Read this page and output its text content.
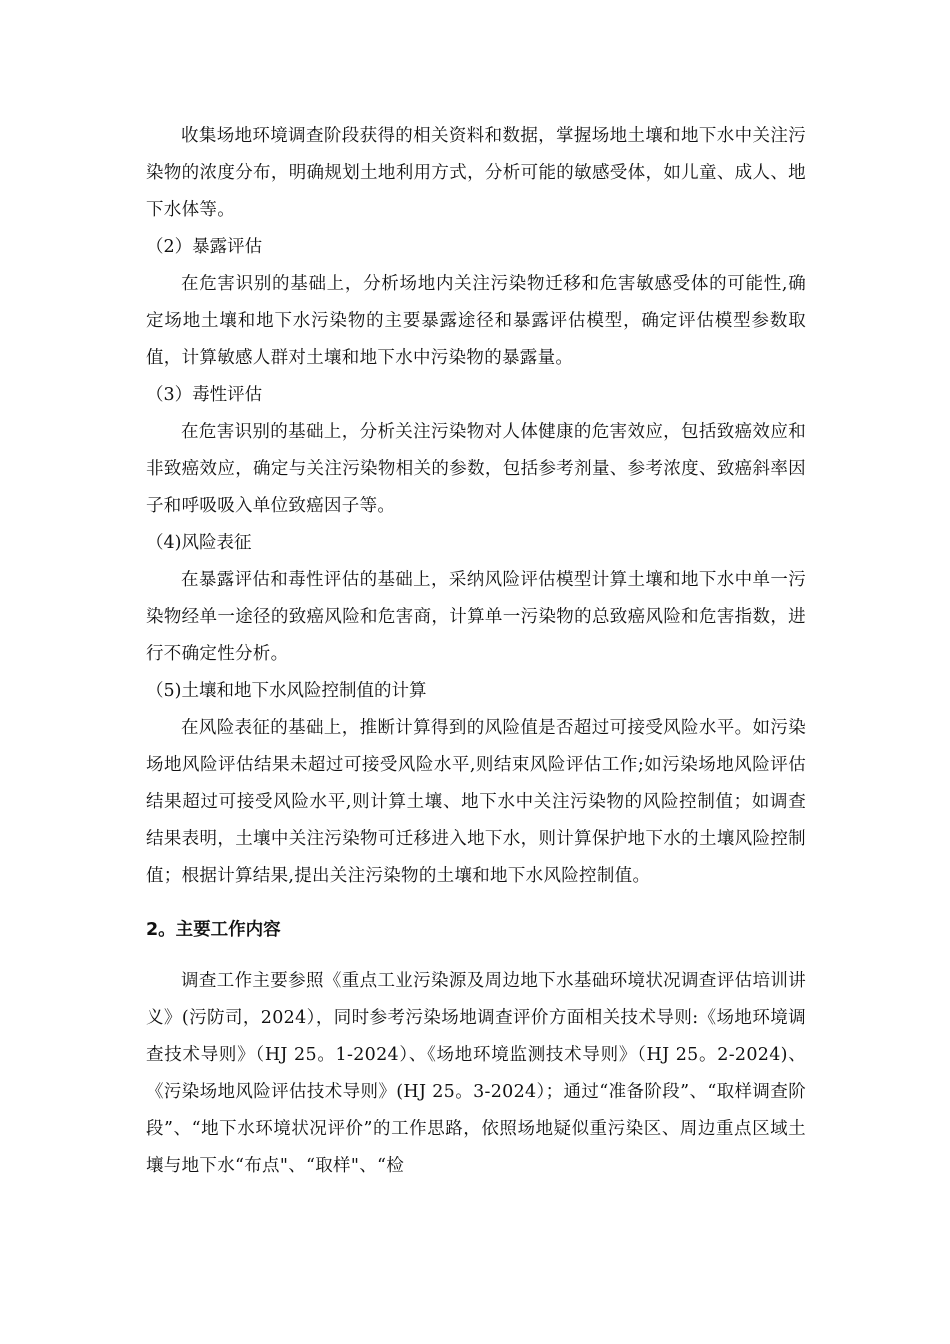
收集场地环境调查阶段获得的相关资料和数据，掌握场地土壤和地下水中关注污染物的浓度分布，明确规划土地利用方式，分析可能的敏感受体，如儿童、成人、地下水体等。

（2）暴露评估

在危害识别的基础上，分析场地内关注污染物迁移和危害敏感受体的可能性,确定场地土壤和地下水污染物的主要暴露途径和暴露评估模型，确定评估模型参数取值，计算敏感人群对土壤和地下水中污染物的暴露量。

（3）毒性评估

在危害识别的基础上，分析关注污染物对人体健康的危害效应，包括致癌效应和非致癌效应，确定与关注污染物相关的参数，包括参考剂量、参考浓度、致癌斜率因子和呼吸吸入单位致癌因子等。

（4)风险表征

在暴露评估和毒性评估的基础上，采纳风险评估模型计算土壤和地下水中单一污染物经单一途径的致癌风险和危害商，计算单一污染物的总致癌风险和危害指数，进行不确定性分析。

（5)土壤和地下水风险控制值的计算

在风险表征的基础上，推断计算得到的风险值是否超过可接受风险水平。如污染场地风险评估结果未超过可接受风险水平,则结束风险评估工作;如污染场地风险评估结果超过可接受风险水平,则计算土壤、地下水中关注污染物的风险控制值；如调查结果表明，土壤中关注污染物可迁移进入地下水，则计算保护地下水的土壤风险控制值；根据计算结果,提出关注污染物的土壤和地下水风险控制值。

2。主要工作内容

调查工作主要参照《重点工业污染源及周边地下水基础环境状况调查评估培训讲义》(污防司，2024），同时参考污染场地调查评价方面相关技术导则:《场地环境调查技术导则》（HJ 25。1-2024）、《场地环境监测技术导则》（HJ 25。2-2024)、《污染场地风险评估技术导则》(HJ 25。3-2024）；通过“准备阶段”、“取样调查阶段”、“地下水环境状况评价”的工作思路，依照场地疑似重污染区、周边重点区域土壤与地下水“布点"、“取样"、“检
